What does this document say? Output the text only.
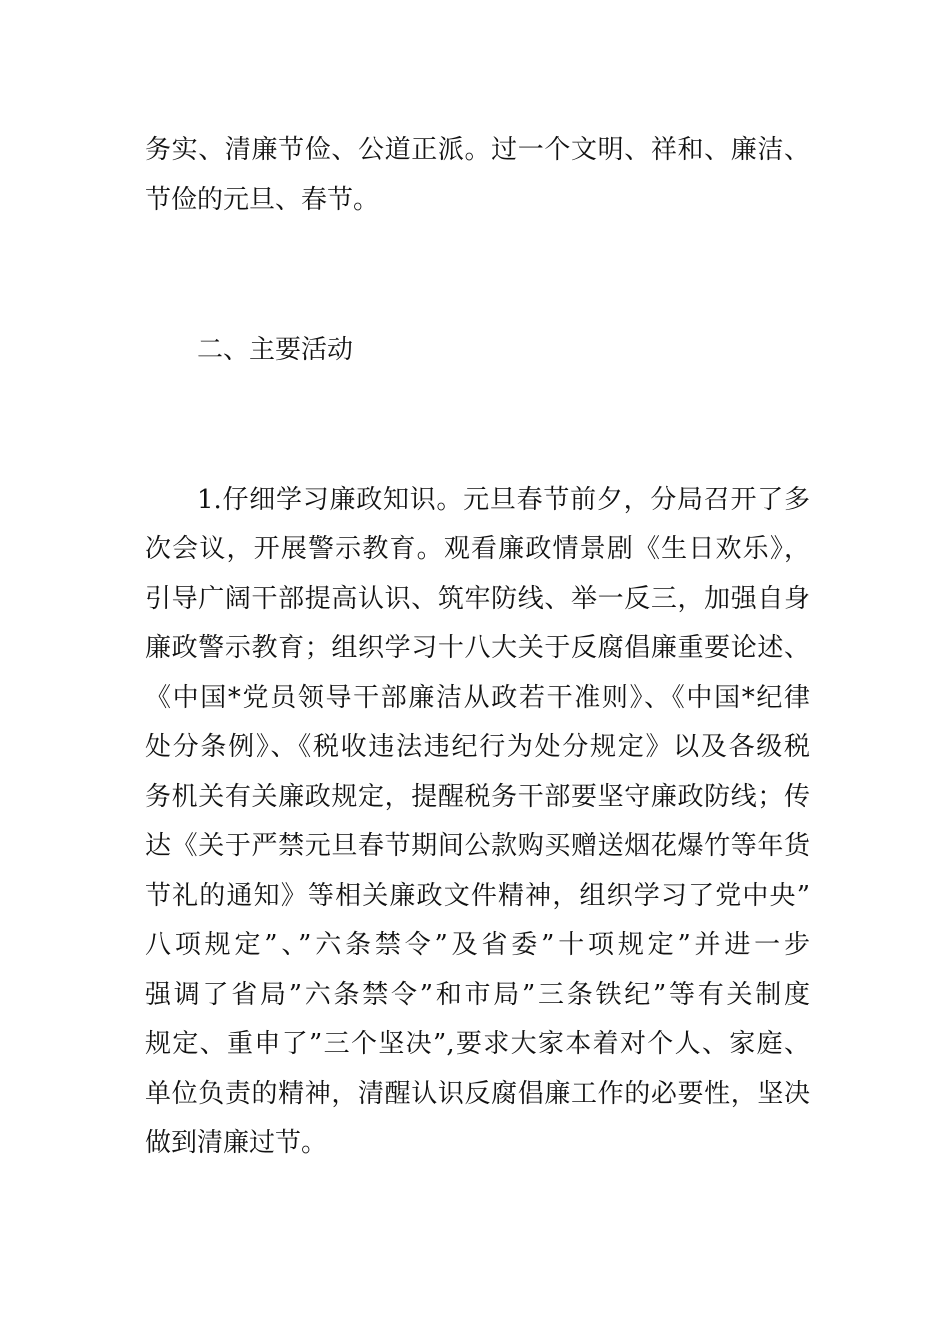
务实、清廉节俭、公道正派。过一个文明、祥和、廉洁、

节俭的元旦、春节。

二、主要活动

1.仔细学习廉政知识。元旦春节前夕，分局召开了多

次会议，开展警示教育。观看廉政情景剧《生日欢乐》，

引导广阔干部提高认识、筑牢防线、举一反三，加强自身

廉政警示教育；组织学习十八大关于反腐倡廉重要论述、

《中国*党员领导干部廉洁从政若干准则》、《中国*纪律

处分条例》、《税收违法违纪行为处分规定》以及各级税

务机关有关廉政规定，提醒税务干部要坚守廉政防线；传

达《关于严禁元旦春节期间公款购买赠送烟花爆竹等年货

节礼的通知》等相关廉政文件精神，组织学习了党中央”

八项规定”、”六条禁令”及省委”十项规定”并进一步

强调了省局”六条禁令”和市局”三条铁纪”等有关制度

规定、重申了”三个坚决”,要求大家本着对个人、家庭、

单位负责的精神，清醒认识反腐倡廉工作的必要性，坚决

做到清廉过节。
